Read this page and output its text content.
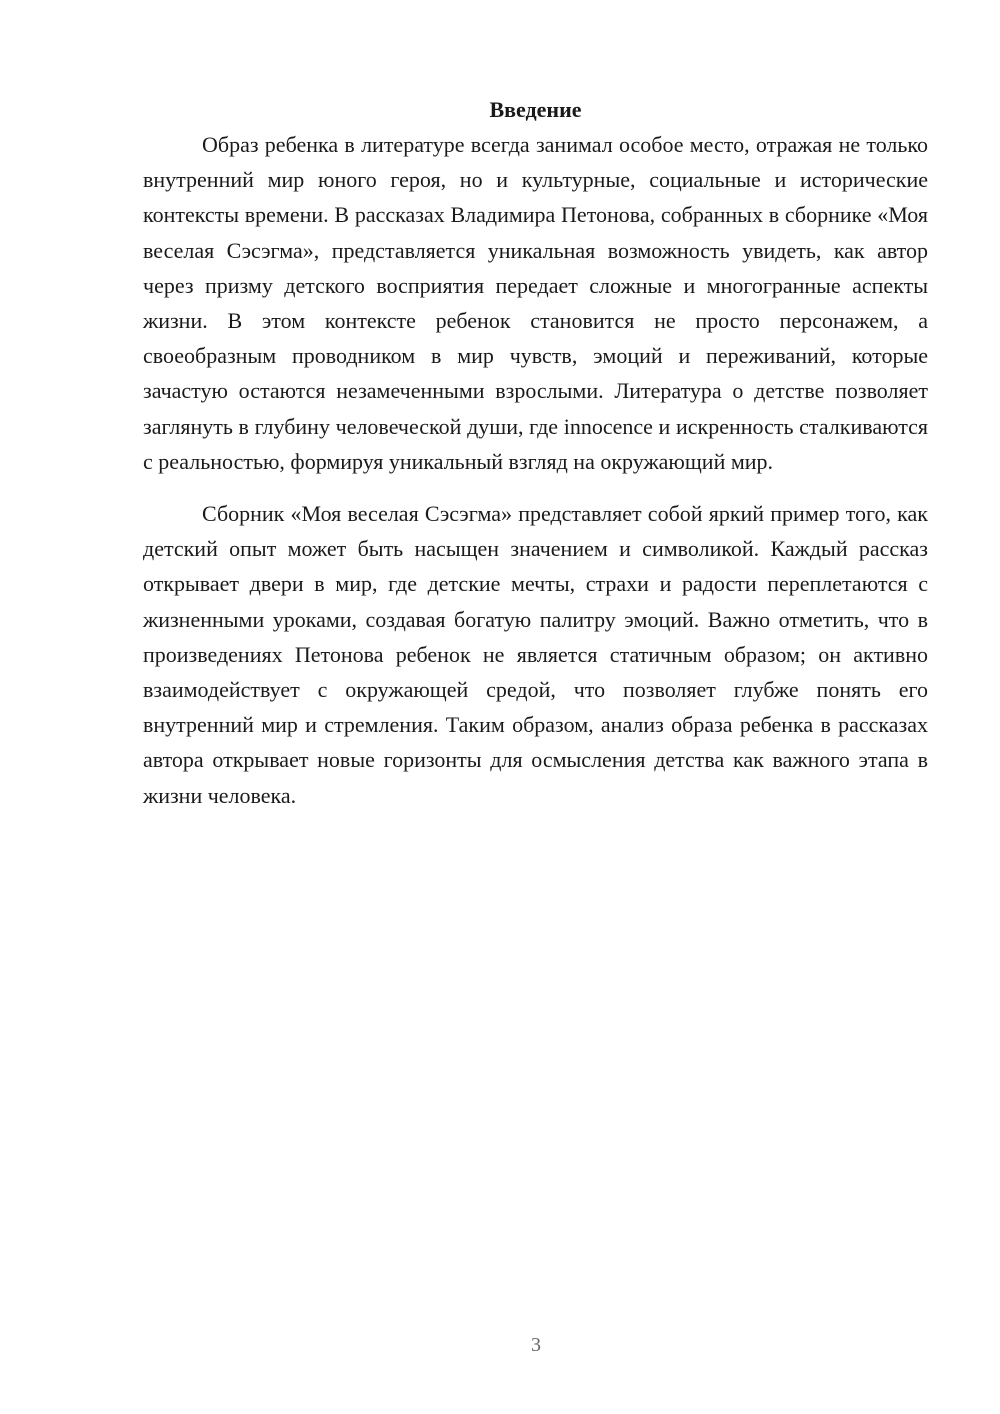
Введение

Образ ребенка в литературе всегда занимал особое место, отражая не только внутренний мир юного героя, но и культурные, социальные и исторические контексты времени. В рассказах Владимира Петонова, собранных в сборнике «Моя веселая Сэсэгма», представляется уникальная возможность увидеть, как автор через призму детского восприятия передает сложные и многогранные аспекты жизни. В этом контексте ребенок становится не просто персонажем, а своеобразным проводником в мир чувств, эмоций и переживаний, которые зачастую остаются незамеченными взрослыми. Литература о детстве позволяет заглянуть в глубину человеческой души, где innocence и искренность сталкиваются с реальностью, формируя уникальный взгляд на окружающий мир.

Сборник «Моя веселая Сэсэгма» представляет собой яркий пример того, как детский опыт может быть насыщен значением и символикой. Каждый рассказ открывает двери в мир, где детские мечты, страхи и радости переплетаются с жизненными уроками, создавая богатую палитру эмоций. Важно отметить, что в произведениях Петонова ребенок не является статичным образом; он активно взаимодействует с окружающей средой, что позволяет глубже понять его внутренний мир и стремления. Таким образом, анализ образа ребенка в рассказах автора открывает новые горизонты для осмысления детства как важного этапа в жизни человека.

3
